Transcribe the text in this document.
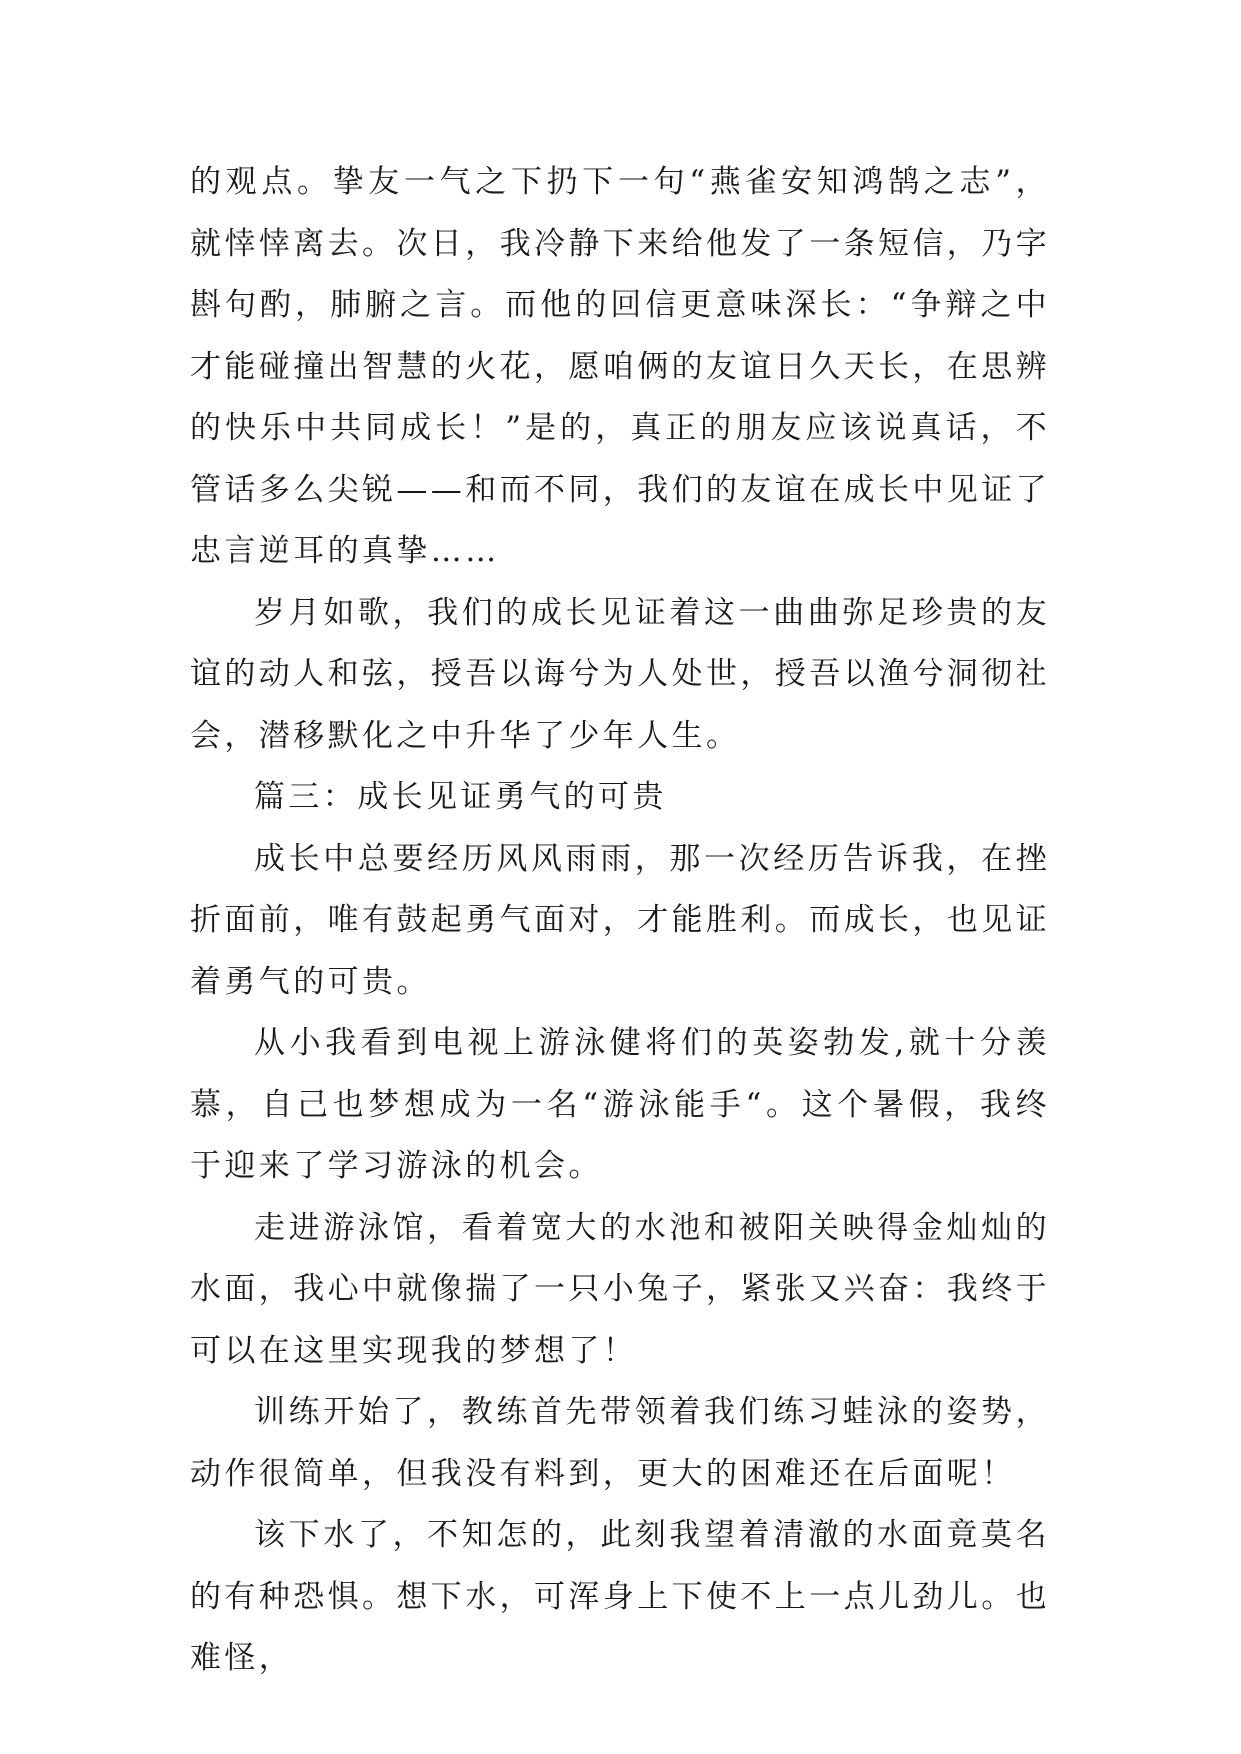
的观点。挚友一气之下扔下一句“燕雀安知鸿鹄之志”，就悻悻离去。次日，我冷静下来给他发了一条短信，乃字斟句酌，肺腑之言。而他的回信更意味深长：“争辩之中才能碰撞出智慧的火花，愿咱俩的友谊日久天长，在思辨的快乐中共同成长！”是的，真正的朋友应该说真话，不管话多么尖锐——和而不同，我们的友谊在成长中见证了忠言逆耳的真挚……

岁月如歌，我们的成长见证着这一曲曲弥足珍贵的友谊的动人和弦，授吾以诲兮为人处世，授吾以渔兮洞彻社会，潜移默化之中升华了少年人生。

篇三：成长见证勇气的可贵

成长中总要经历风风雨雨，那一次经历告诉我，在挫折面前，唯有鼓起勇气面对，才能胜利。而成长，也见证着勇气的可贵。

从小我看到电视上游泳健将们的英姿勃发,就十分羡慕，自己也梦想成为一名“游泳能手“。这个暑假，我终于迎来了学习游泳的机会。

走进游泳馆，看着宽大的水池和被阳关映得金灿灿的水面，我心中就像揣了一只小兔子，紧张又兴奋：我终于可以在这里实现我的梦想了！

训练开始了，教练首先带领着我们练习蛙泳的姿势，动作很简单，但我没有料到，更大的困难还在后面呢！

该下水了，不知怎的，此刻我望着清澈的水面竟莫名的有种恐惧。想下水，可浑身上下使不上一点儿劲儿。也难怪，
